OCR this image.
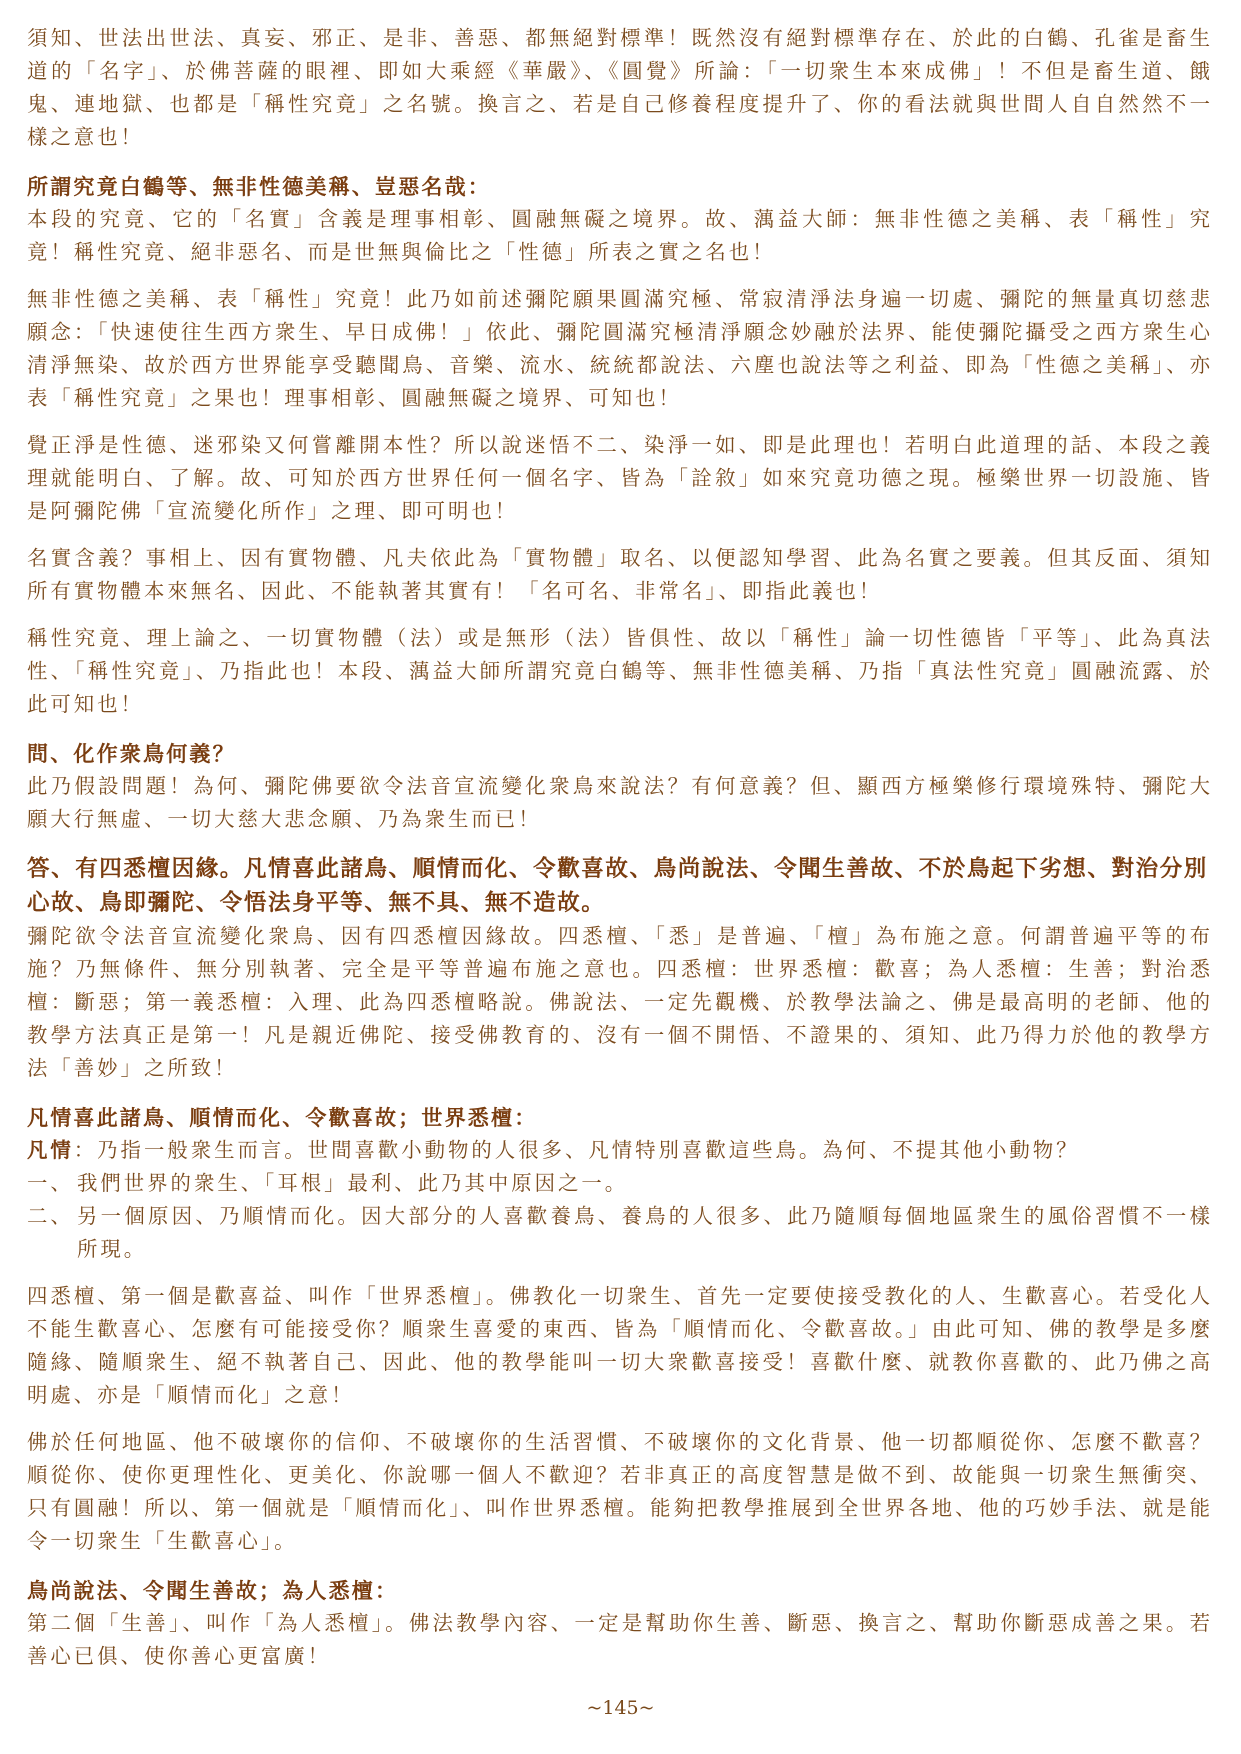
須知、世法出世法、真妄、邪正、是非、善惡、都無絕對標準！既然沒有絕對標準存在、於此的白鶴、孔雀是畜生道的「名字」、於佛菩薩的眼裡、即如大乘經《華嚴》、《圓覺》所論：「一切衆生本來成佛」！不但是畜生道、餓鬼、連地獄、也都是「稱性究竟」之名號。換言之、若是自己修養程度提升了、你的看法就與世間人自自然然不一樣之意也！

所謂究竟白鶴等、無非性德美稱、豈惡名哉：

本段的究竟、它的「名實」含義是理事相彰、圓融無礙之境界。故、蕅益大師：無非性德之美稱、表「稱性」究竟！稱性究竟、絕非惡名、而是世無與倫比之「性德」所表之實之名也！

無非性德之美稱、表「稱性」究竟！此乃如前述彌陀願果圓滿究極、常寂清淨法身遍一切處、彌陀的無量真切慈悲願念：「快速使往生西方衆生、早日成佛！」依此、彌陀圓滿究極清淨願念妙融於法界、能使彌陀攝受之西方衆生心清淨無染、故於西方世界能享受聽聞鳥、音樂、流水、統統都說法、六塵也說法等之利益、即為「性德之美稱」、亦表「稱性究竟」之果也！理事相彰、圓融無礙之境界、可知也！

覺正淨是性德、迷邪染又何嘗離開本性？所以說迷悟不二、染淨一如、即是此理也！若明白此道理的話、本段之義理就能明白、了解。故、可知於西方世界任何一個名字、皆為「詮敘」如來究竟功德之現。極樂世界一切設施、皆是阿彌陀佛「宣流變化所作」之理、即可明也！

名實含義？事相上、因有實物體、凡夫依此為「實物體」取名、以便認知學習、此為名實之要義。但其反面、須知所有實物體本來無名、因此、不能執著其實有！「名可名、非常名」、即指此義也！

稱性究竟、理上論之、一切實物體（法）或是無形（法）皆俱性、故以「稱性」論一切性德皆「平等」、此為真法性、「稱性究竟」、乃指此也！本段、蕅益大師所謂究竟白鶴等、無非性德美稱、乃指「真法性究竟」圓融流露、於此可知也！

問、化作衆鳥何義？

此乃假設問題！為何、彌陀佛要欲令法音宣流變化衆鳥來說法？有何意義？但、顯西方極樂修行環境殊特、彌陀大願大行無虛、一切大慈大悲念願、乃為衆生而已！

答、有四悉檀因緣。凡情喜此諸鳥、順情而化、令歡喜故、鳥尚說法、令聞生善故、不於鳥起下劣想、對治分別心故、鳥即彌陀、令悟法身平等、無不具、無不造故。

彌陀欲令法音宣流變化衆鳥、因有四悉檀因緣故。四悉檀、「悉」是普遍、「檀」為布施之意。何謂普遍平等的布施？乃無條件、無分別執著、完全是平等普遍布施之意也。四悉檀：世界悉檀：歡喜；為人悉檀：生善；對治悉檀：斷惡；第一義悉檀：入理、此為四悉檀略說。佛說法、一定先觀機、於教學法論之、佛是最高明的老師、他的教學方法真正是第一！凡是親近佛陀、接受佛教育的、沒有一個不開悟、不證果的、須知、此乃得力於他的教學方法「善妙」之所致！

凡情喜此諸鳥、順情而化、令歡喜故；世界悉檀：

凡情：乃指一般衆生而言。世間喜歡小動物的人很多、凡情特別喜歡這些鳥。為何、不提其他小動物？

一、 我們世界的衆生、「耳根」最利、此乃其中原因之一。

二、 另一個原因、乃順情而化。因大部分的人喜歡養鳥、養鳥的人很多、此乃隨順每個地區衆生的風俗習慣不一樣所現。

四悉檀、第一個是歡喜益、叫作「世界悉檀」。佛教化一切衆生、首先一定要使接受教化的人、生歡喜心。若受化人不能生歡喜心、怎麼有可能接受你？順衆生喜愛的東西、皆為「順情而化、令歡喜故。」由此可知、佛的教學是多麼隨緣、隨順衆生、絕不執著自己、因此、他的教學能叫一切大衆歡喜接受！喜歡什麼、就教你喜歡的、此乃佛之高明處、亦是「順情而化」之意！

佛於任何地區、他不破壞你的信仰、不破壞你的生活習慣、不破壞你的文化背景、他一切都順從你、怎麼不歡喜？順從你、使你更理性化、更美化、你說哪一個人不歡迎？若非真正的高度智慧是做不到、故能與一切衆生無衝突、只有圓融！所以、第一個就是「順情而化」、叫作世界悉檀。能夠把教學推展到全世界各地、他的巧妙手法、就是能令一切衆生「生歡喜心」。

鳥尚說法、令聞生善故；為人悉檀：

第二個「生善」、叫作「為人悉檀」。佛法教學內容、一定是幫助你生善、斷惡、換言之、幫助你斷惡成善之果。若善心已俱、使你善心更富廣！

~145~
